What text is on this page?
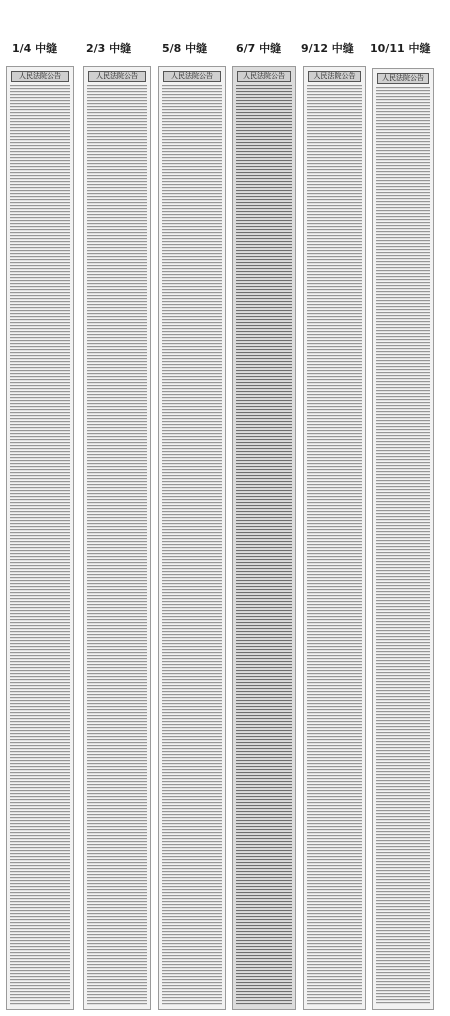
1/4 中缝	2/3 中缝	5/8 中缝	6/7 中缝 9/12 中缝 10/11 中缝
人民法院公告	人民法院公告	人民法院公告	人民法院公告	人民法院公告	人民法院公告
